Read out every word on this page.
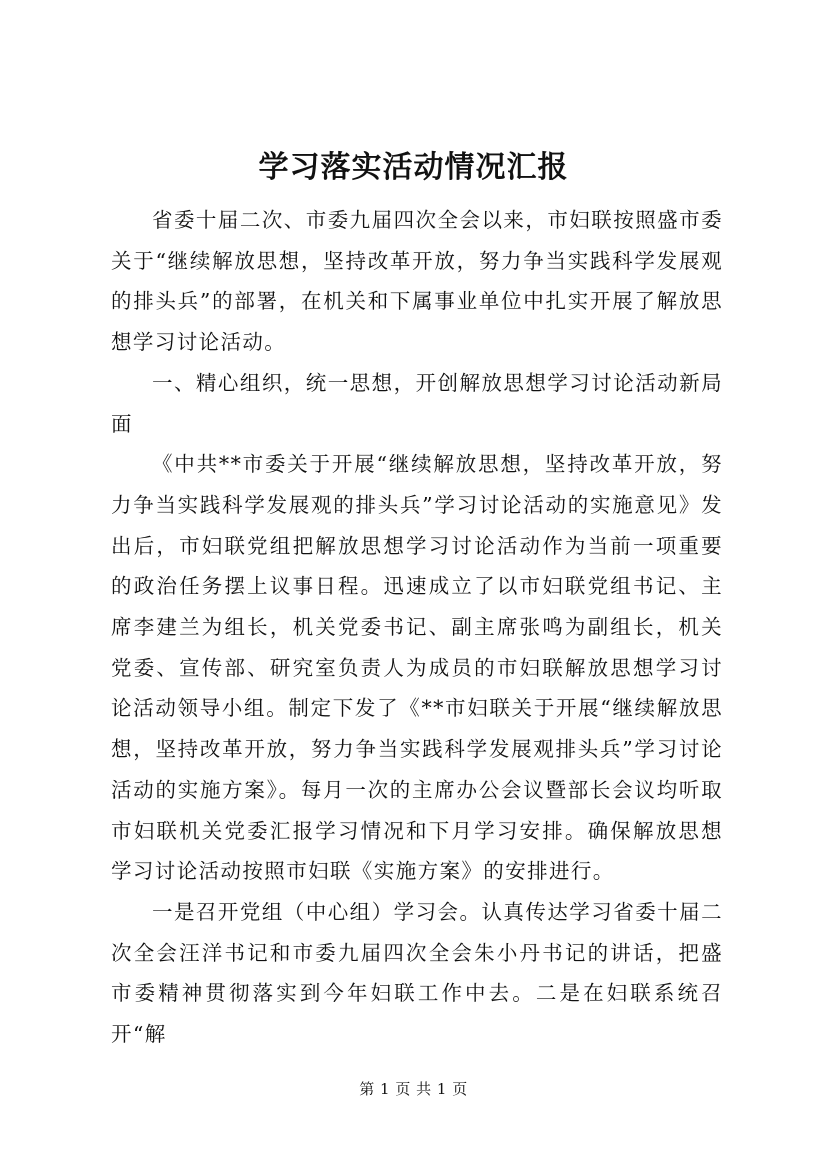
学习落实活动情况汇报

省委十届二次、市委九届四次全会以来，市妇联按照盛市委关于“继续解放思想，坚持改革开放，努力争当实践科学发展观的排头兵”的部署，在机关和下属事业单位中扎实开展了解放思想学习讨论活动。

一、精心组织，统一思想，开创解放思想学习讨论活动新局面

《中共**市委关于开展“继续解放思想，坚持改革开放，努力争当实践科学发展观的排头兵”学习讨论活动的实施意见》发出后，市妇联党组把解放思想学习讨论活动作为当前一项重要的政治任务摆上议事日程。迅速成立了以市妇联党组书记、主席李建兰为组长，机关党委书记、副主席张鸣为副组长，机关党委、宣传部、研究室负责人为成员的市妇联解放思想学习讨论活动领导小组。制定下发了《**市妇联关于开展“继续解放思想，坚持改革开放，努力争当实践科学发展观排头兵”学习讨论活动的实施方案》。每月一次的主席办公会议暨部长会议均听取市妇联机关党委汇报学习情况和下月学习安排。确保解放思想学习讨论活动按照市妇联《实施方案》的安排进行。

一是召开党组（中心组）学习会。认真传达学习省委十届二次全会汪洋书记和市委九届四次全会朱小丹书记的讲话，把盛市委精神贯彻落实到今年妇联工作中去。二是在妇联系统召开“解

第 1 页 共 1 页
